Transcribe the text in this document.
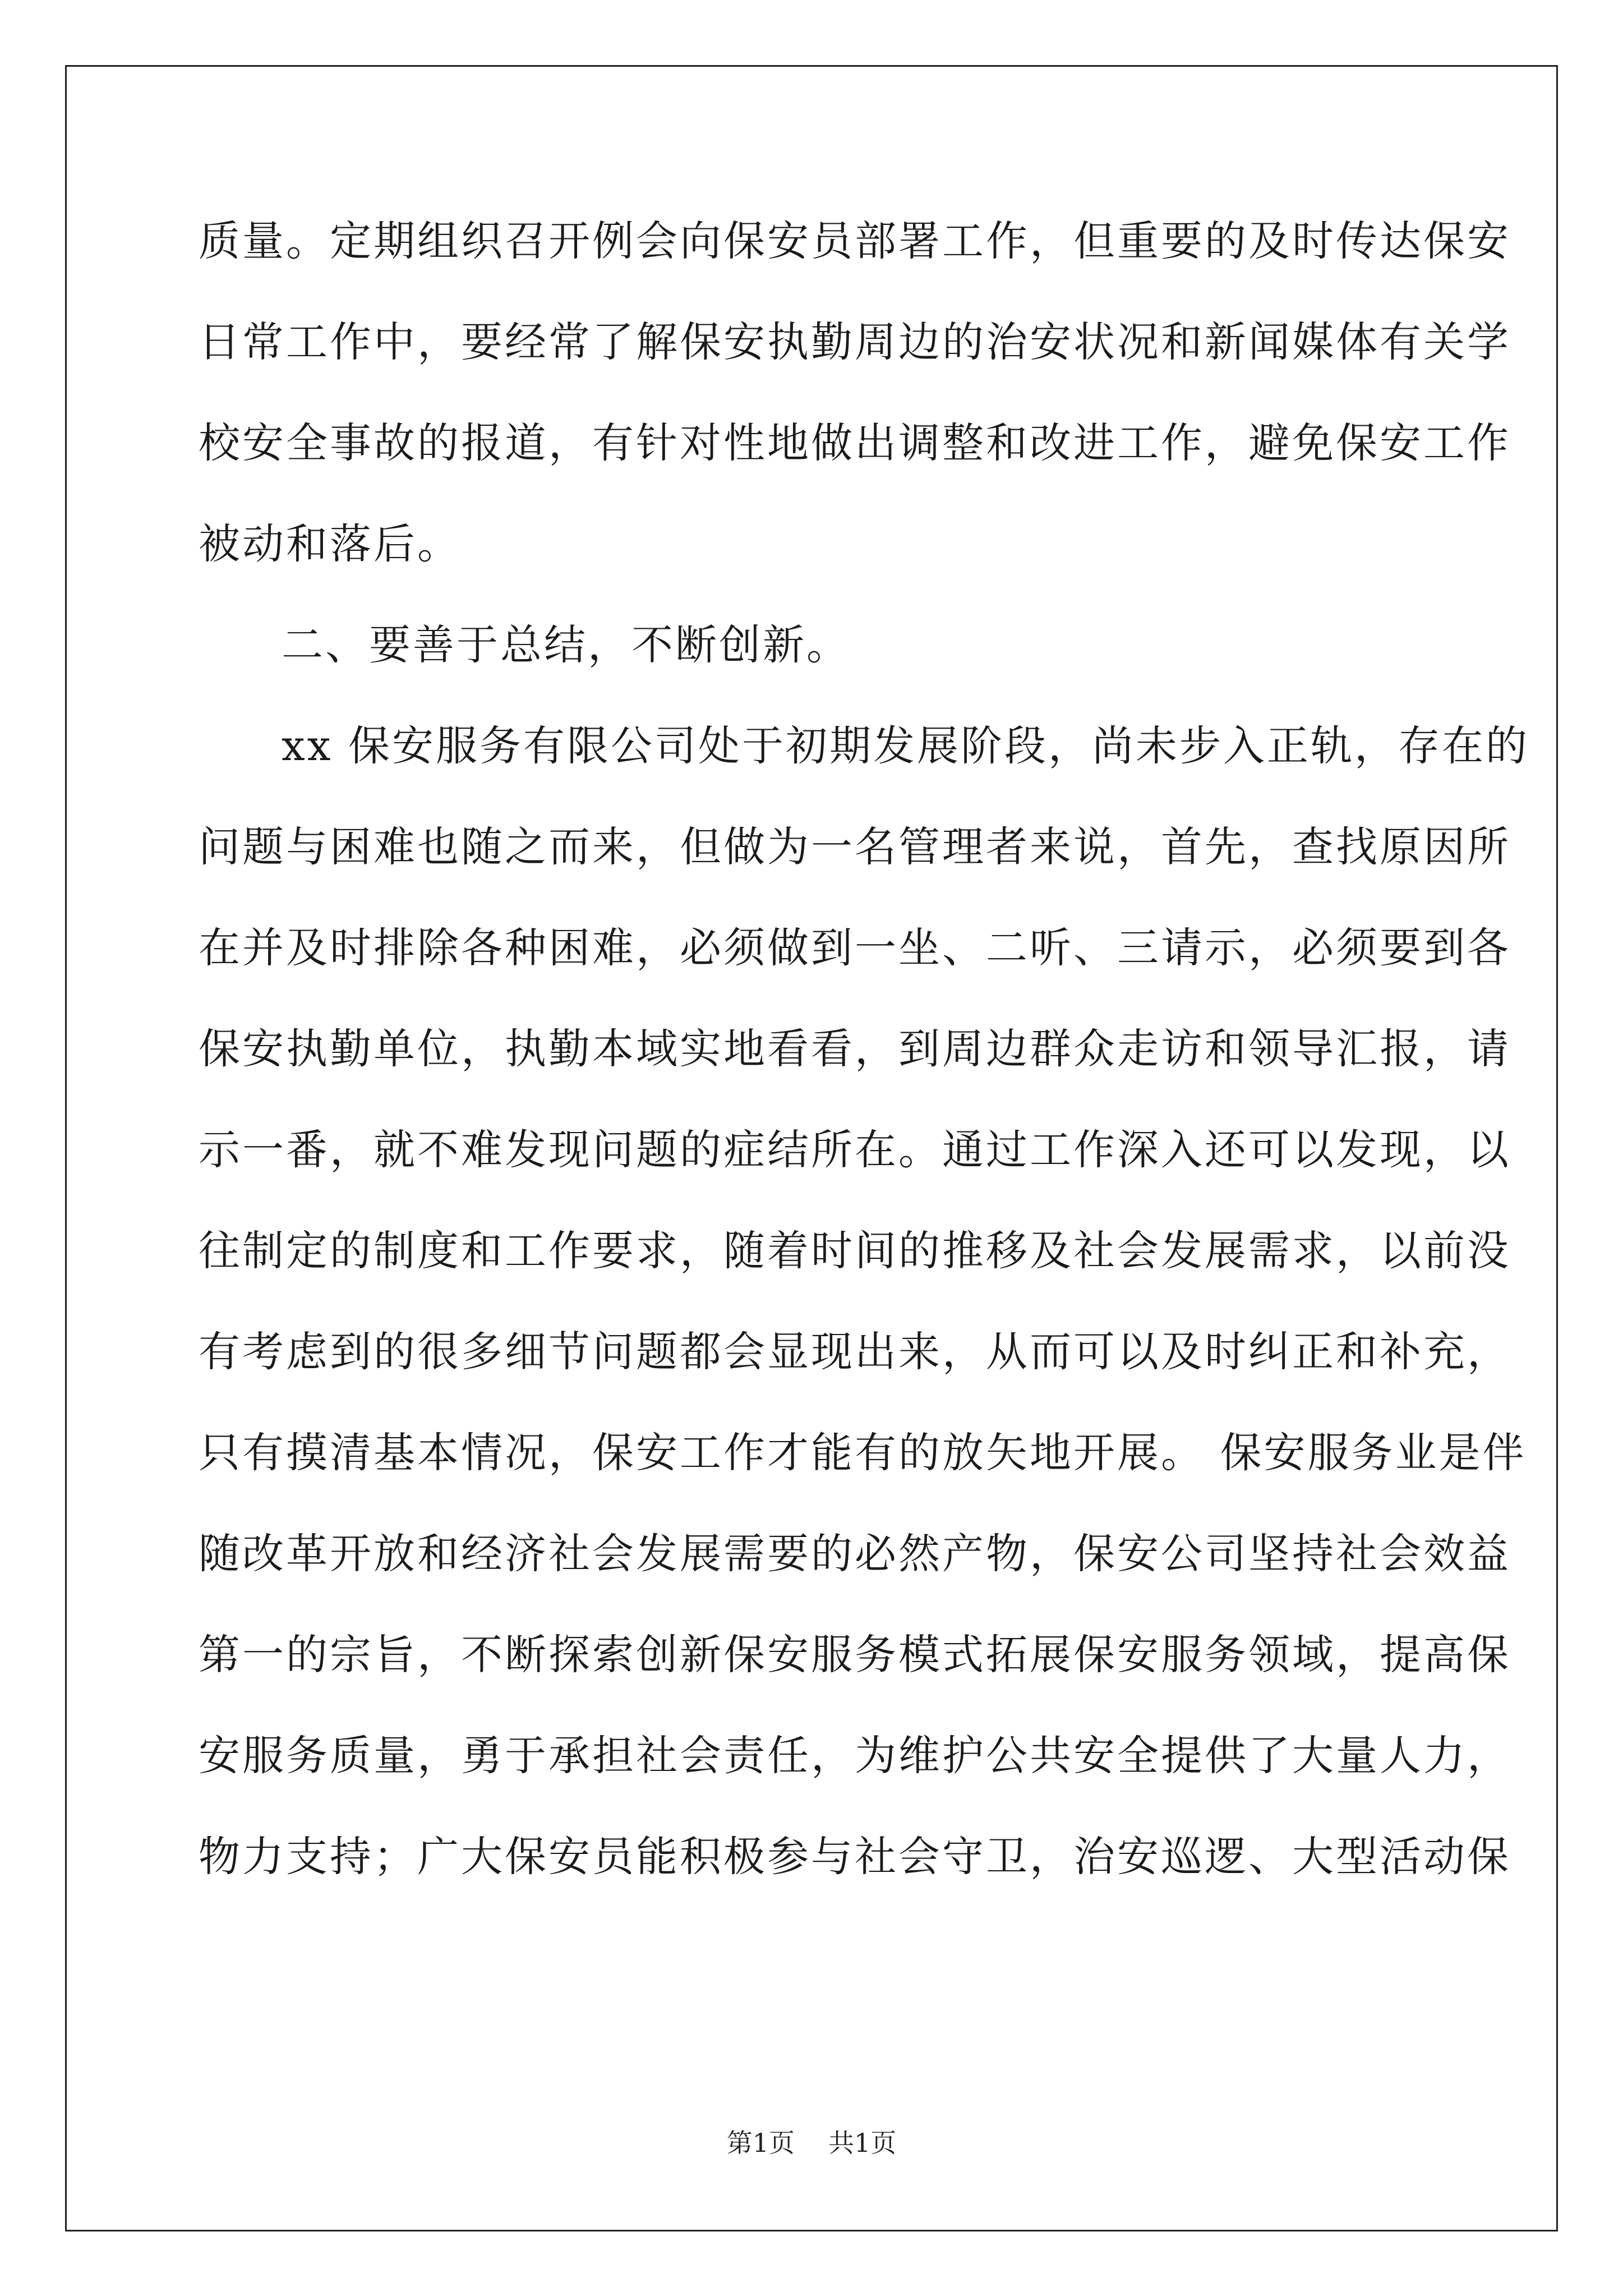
质量。定期组织召开例会向保安员部署工作，但重要的及时传达保安
日常工作中，要经常了解保安执勤周边的治安状况和新闻媒体有关学
校安全事故的报道，有针对性地做出调整和改进工作，避免保安工作
被动和落后。
二、要善于总结，不断创新。
xx 保安服务有限公司处于初期发展阶段，尚未步入正轨，存在的
问题与困难也随之而来，但做为一名管理者来说，首先，查找原因所
在并及时排除各种困难，必须做到一坐、二听、三请示，必须要到各
保安执勤单位，执勤本域实地看看，到周边群众走访和领导汇报，请
示一番，就不难发现问题的症结所在。通过工作深入还可以发现，以
往制定的制度和工作要求，随着时间的推移及社会发展需求，以前没
有考虑到的很多细节问题都会显现出来，从而可以及时纠正和补充，
只有摸清基本情况，保安工作才能有的放矢地开展。 保安服务业是伴
随改革开放和经济社会发展需要的必然产物，保安公司坚持社会效益
第一的宗旨，不断探索创新保安服务模式拓展保安服务领域，提高保
安服务质量，勇于承担社会责任，为维护公共安全提供了大量人力，
物力支持；广大保安员能积极参与社会守卫，治安巡逻、大型活动保
第1页 共1页
